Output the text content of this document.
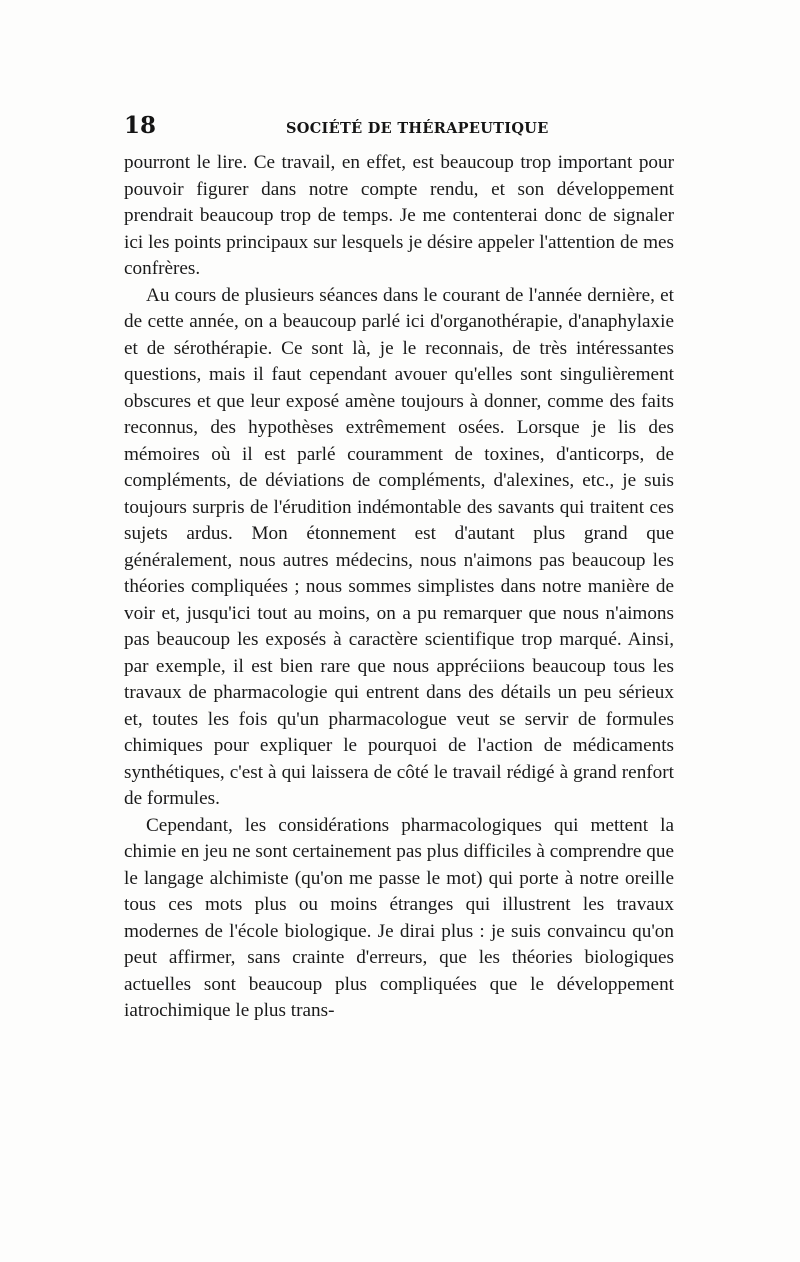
18	SOCIÉTÉ DE THÉRAPEUTIQUE

pourront le lire. Ce travail, en effet, est beaucoup trop important pour pouvoir figurer dans notre compte rendu, et son développement prendrait beaucoup trop de temps. Je me contenterai donc de signaler ici les points principaux sur lesquels je désire appeler l'attention de mes confrères.

Au cours de plusieurs séances dans le courant de l'année dernière, et de cette année, on a beaucoup parlé ici d'organothérapie, d'anaphylaxie et de sérothérapie. Ce sont là, je le reconnais, de très intéressantes questions, mais il faut cependant avouer qu'elles sont singulièrement obscures et que leur exposé amène toujours à donner, comme des faits reconnus, des hypothèses extrêmement osées. Lorsque je lis des mémoires où il est parlé couramment de toxines, d'anticorps, de compléments, de déviations de compléments, d'alexines, etc., je suis toujours surpris de l'érudition indémontable des savants qui traitent ces sujets ardus. Mon étonnement est d'autant plus grand que généralement, nous autres médecins, nous n'aimons pas beaucoup les théories compliquées ; nous sommes simplistes dans notre manière de voir et, jusqu'ici tout au moins, on a pu remarquer que nous n'aimons pas beaucoup les exposés à caractère scientifique trop marqué. Ainsi, par exemple, il est bien rare que nous appréciions beaucoup tous les travaux de pharmacologie qui entrent dans des détails un peu sérieux et, toutes les fois qu'un pharmacologue veut se servir de formules chimiques pour expliquer le pourquoi de l'action de médicaments synthétiques, c'est à qui laissera de côté le travail rédigé à grand renfort de formules.

Cependant, les considérations pharmacologiques qui mettent la chimie en jeu ne sont certainement pas plus difficiles à comprendre que le langage alchimiste (qu'on me passe le mot) qui porte à notre oreille tous ces mots plus ou moins étranges qui illustrent les travaux modernes de l'école biologique. Je dirai plus : je suis convaincu qu'on peut affirmer, sans crainte d'erreurs, que les théories biologiques actuelles sont beaucoup plus compliquées que le développement iatrochimique le plus trans-
